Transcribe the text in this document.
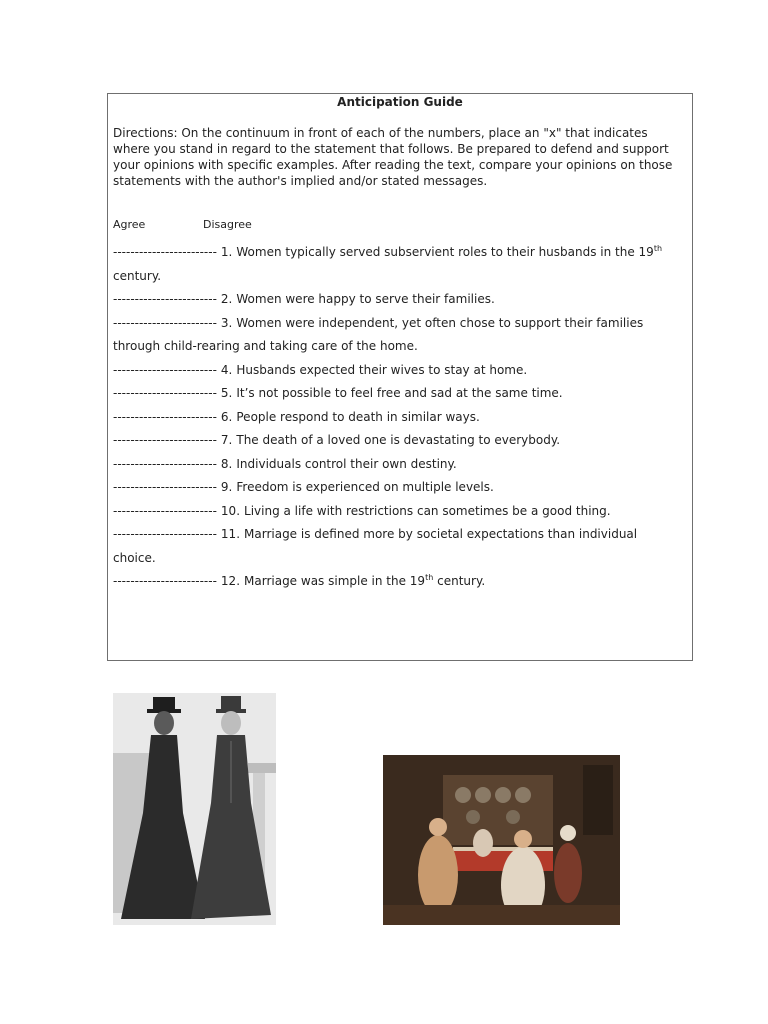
Anticipation Guide

Directions: On the continuum in front of each of the numbers, place an "x" that indicates where you stand in regard to the statement that follows. Be prepared to defend and support your opinions with specific examples. After reading the text, compare your opinions on those statements with the author's implied and/or stated messages.

Agree	Disagree
------------------------ 1. Women typically served subservient roles to their husbands in the 19th century.
------------------------ 2. Women were happy to serve their families.
------------------------ 3. Women were independent, yet often chose to support their families through child-rearing and taking care of the home.
------------------------ 4. Husbands expected their wives to stay at home.
------------------------ 5. It’s not possible to feel free and sad at the same time.
------------------------ 6. People respond to death in similar ways.
------------------------ 7. The death of a loved one is devastating to everybody.
------------------------ 8. Individuals control their own destiny.
------------------------ 9. Freedom is experienced on multiple levels.
------------------------ 10. Living a life with restrictions can sometimes be a good thing.
------------------------ 11. Marriage is defined more by societal expectations than individual choice.
------------------------ 12. Marriage was simple in the 19th century.
